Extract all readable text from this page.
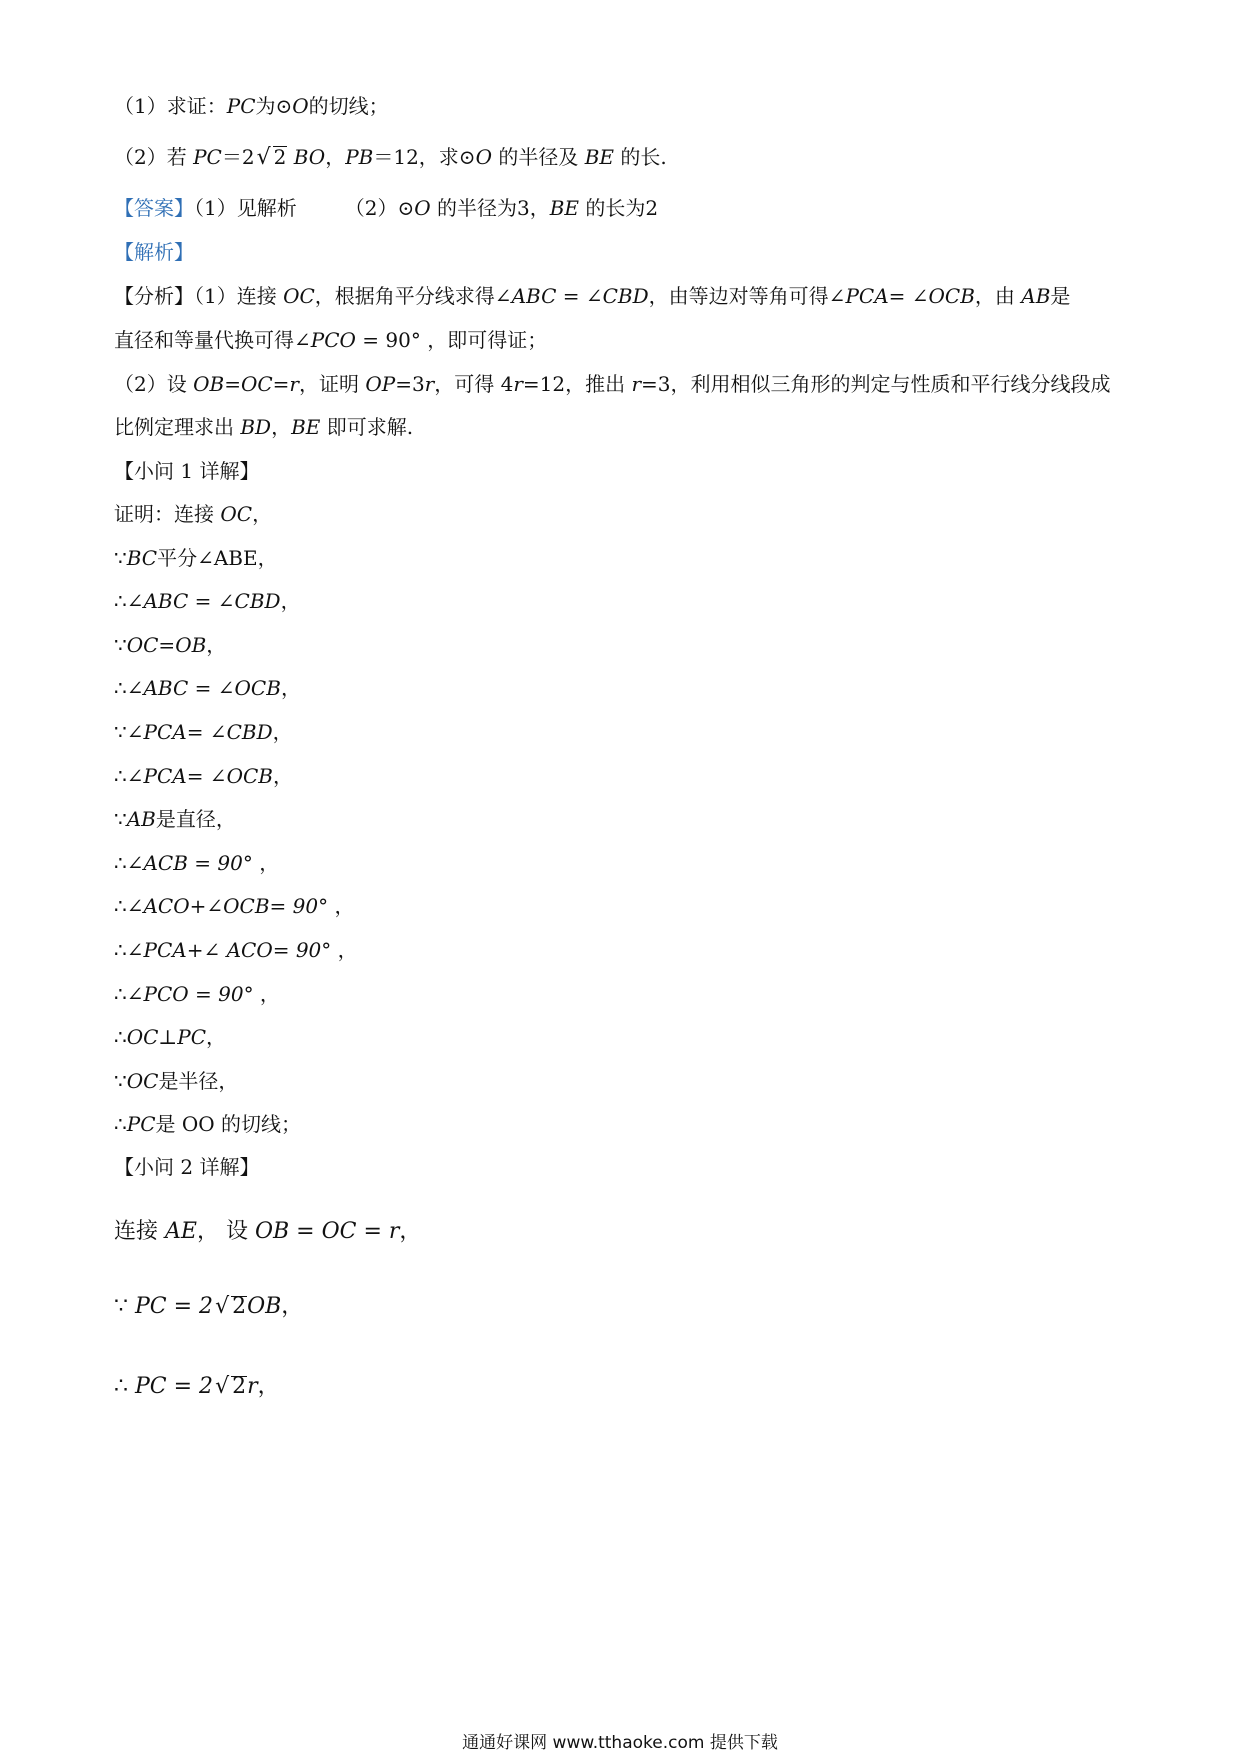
（1）求证：PC为⊙O的切线；
（2）若 PC＝2√ 2 BO，PB＝12，求⊙O 的半径及 BE 的长.
【答案】（1）见解析 （2）⊙O 的半径为3，BE 的长为2
【解析】
【分析】（1）连接 OC，根据角平分线求得∠ABC = ∠CBD，由等边对等角可得∠PCA= ∠OCB，由 AB是
直径和等量代换可得∠PCO = 90° ，即可得证；
（2）设 OB=OC=r，证明 OP=3r，可得 4r=12，推出 r=3，利用相似三角形的判定与性质和平行线分线段成
比例定理求出 BD，BE 即可求解.
【小问 1 详解】
证明：连接 OC，
∵BC平分∠ABE，
∴∠ABC = ∠CBD，
∵OC=OB，
∴∠ABC = ∠OCB，
∵∠PCA= ∠CBD，
∴∠PCA= ∠OCB，
∵AB是直径，
∴∠ACB = 90° ，
∴∠ACO+∠OCB= 90° ，
∴∠PCA+∠ ACO= 90° ，
∴∠PCO = 90° ，
∴OC⊥PC，
∵OC是半径，
∴PC是 OO 的切线；
【小问 2 详解】
连接 AE， 设 OB = OC = r，
∵ PC = 2√ 2OB，
∴ PC = 2√ 2r，
通通好课网 www.tthaoke.com 提供下载
